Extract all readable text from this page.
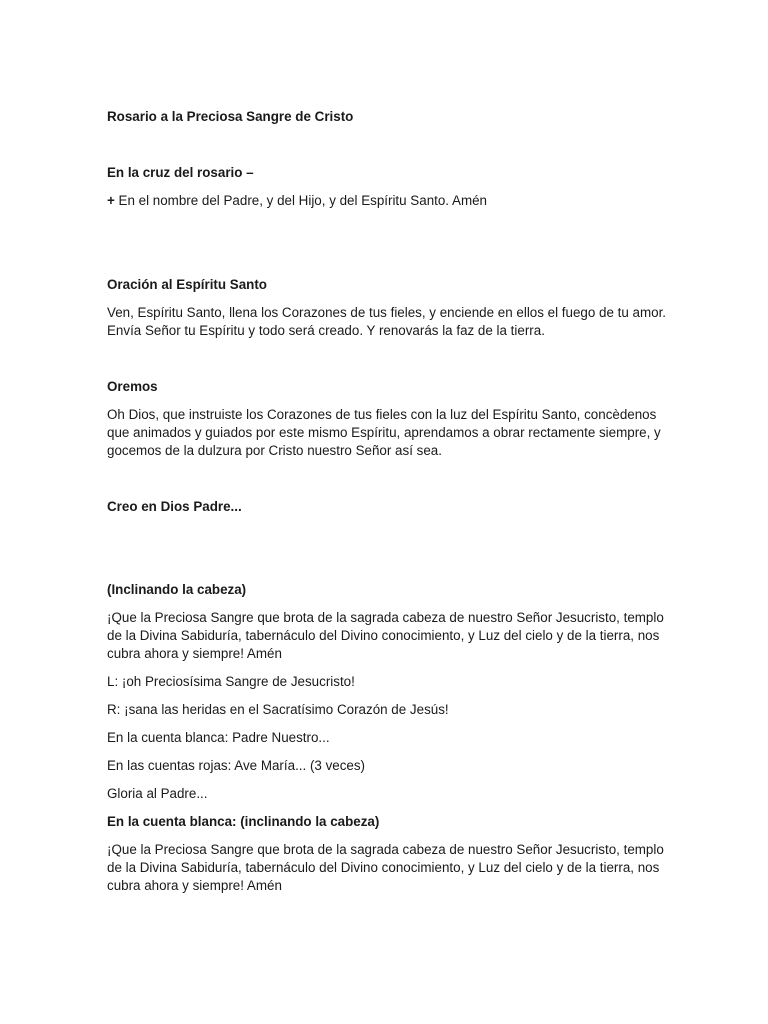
Rosario a la Preciosa Sangre de Cristo

En la cruz del rosario –

+ En el nombre del Padre, y del Hijo, y del Espíritu Santo. Amén

Oración al Espíritu Santo

Ven, Espíritu Santo, llena los Corazones de tus fieles, y enciende en ellos el fuego de tu amor. Envía Señor tu Espíritu y todo será creado. Y renovarás la faz de la tierra.

Oremos

Oh Dios, que instruiste los Corazones de tus fieles con la luz del Espíritu Santo, concèdenos que animados y guiados por este mismo Espíritu, aprendamos a obrar rectamente siempre, y gocemos de la dulzura por Cristo nuestro Señor así sea.

Creo en Dios Padre...

(Inclinando la cabeza)

¡Que la Preciosa Sangre que brota de la sagrada cabeza de nuestro Señor Jesucristo, templo de la Divina Sabiduría, tabernáculo del Divino conocimiento, y Luz del cielo y de la tierra, nos cubra ahora y siempre! Amén

L: ¡oh Preciosísima Sangre de Jesucristo!

R: ¡sana las heridas en el Sacratísimo Corazón de Jesús!

En la cuenta blanca: Padre Nuestro...

En las cuentas rojas: Ave María... (3 veces)

Gloria al Padre...

En la cuenta blanca: (inclinando la cabeza)

¡Que la Preciosa Sangre que brota de la sagrada cabeza de nuestro Señor Jesucristo, templo de la Divina Sabiduría, tabernáculo del Divino conocimiento, y Luz del cielo y de la tierra, nos cubra ahora y siempre! Amén
